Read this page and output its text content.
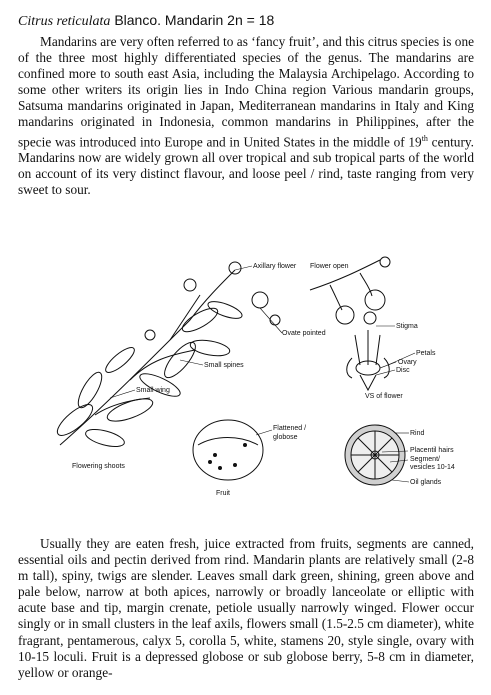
Citrus reticulata Blanco. Mandarin 2n = 18
Mandarins are very often referred to as ‘fancy fruit’, and this citrus species is one of the three most highly differentiated species of the genus. The mandarins are confined more to south east Asia, including the Malaysia Archipelago. According to some other writers its origin lies in Indo China region Various mandarin groups, Satsuma mandarins originated in Japan, Mediterranean mandarins in Italy and King mandarins originated in Indonesia, common mandarins in Philippines, after the specie was introduced into Europe and in United States in the middle of 19th century. Mandarins now are widely grown all over tropical and sub tropical parts of the world on account of its very distinct flavour, and loose peel / rind, taste ranging from very sweet to sour.
Axillary flower
Ovate pointed
Small spines
Small wing
Flowering shoots
Flower open
Stigma
Petals
Ovary
Disc
VS of flower
Flattened /
globose
Fruit
Rind
Placentil hairs
Segment/
vesicles 10-14
Oil glands
Usually they are eaten fresh, juice extracted from fruits, segments are canned, essential oils and pectin derived from rind. Mandarin plants are relatively small (2-8 m tall), spiny, twigs are slender. Leaves small dark green, shining, green above and pale below, narrow at both apices, narrowly or broadly lanceolate or elliptic with acute base and tip, margin crenate, petiole usually narrowly winged. Flower occur singly or in small clusters in the leaf axils, flowers small (1.5-2.5 cm diameter), white fragrant, pentamerous, calyx 5, corolla 5, white, stamens 20, style single, ovary with 10-15 loculi. Fruit is a depressed globose or sub globose berry, 5-8 cm in diameter, yellow or orange-
